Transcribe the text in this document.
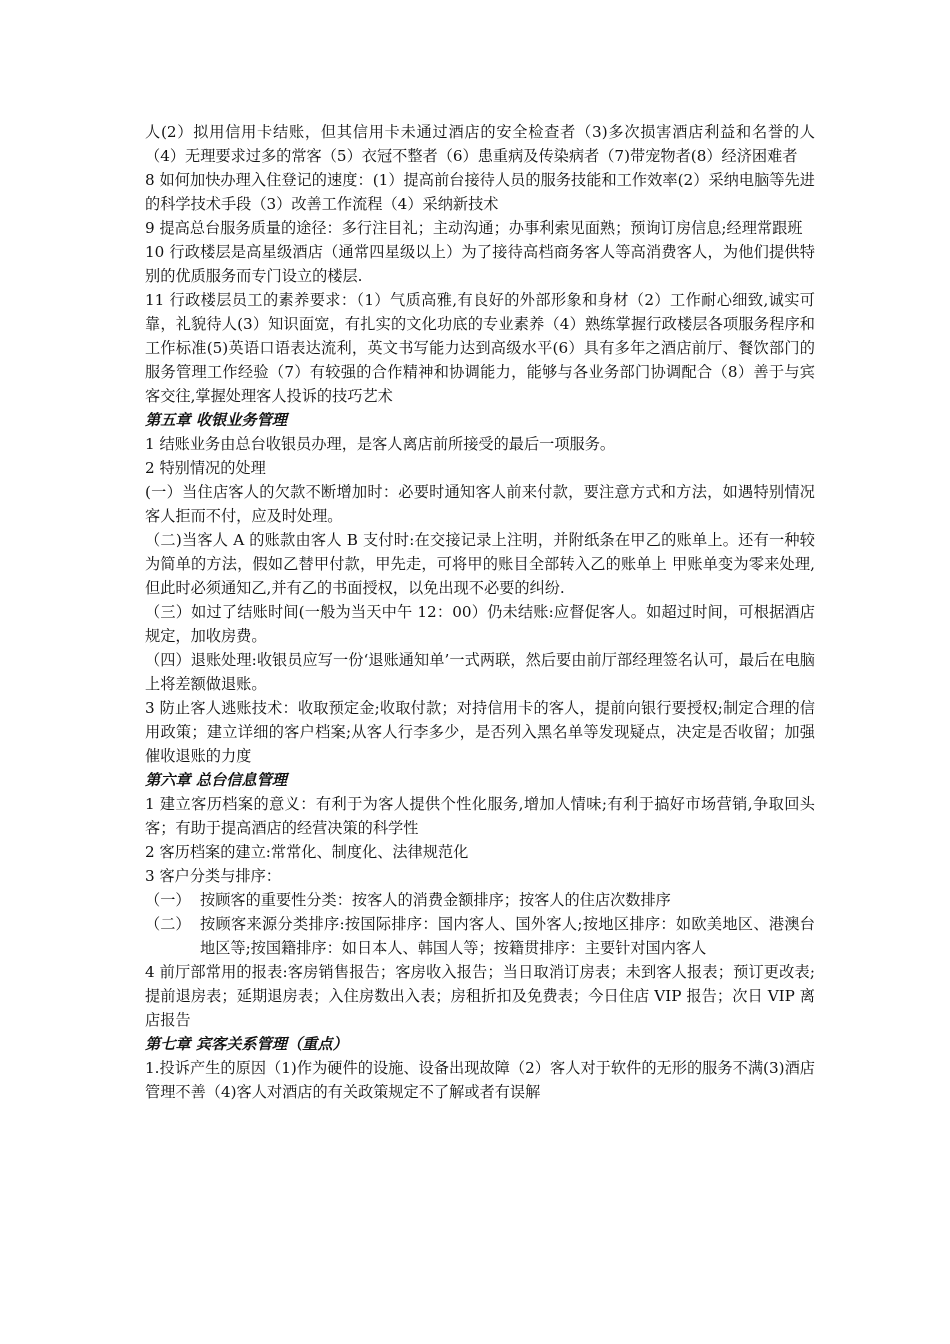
人(2）拟用信用卡结账，但其信用卡未通过酒店的安全检查者（3)多次损害酒店利益和名誉的人（4）无理要求过多的常客（5）衣冠不整者（6）患重病及传染病者（7)带宠物者(8）经济困难者

8 如何加快办理入住登记的速度：(1）提高前台接待人员的服务技能和工作效率(2）采纳电脑等先进的科学技术手段（3）改善工作流程（4）采纳新技术

9 提高总台服务质量的途径：多行注目礼；主动沟通；办事利索见面熟；预询订房信息;经理常跟班

10 行政楼层是高星级酒店（通常四星级以上）为了接待高档商务客人等高消费客人，为他们提供特别的优质服务而专门设立的楼层.

11 行政楼层员工的素养要求：（1）气质高雅,有良好的外部形象和身材（2）工作耐心细致,诚实可靠，礼貌待人(3）知识面宽，有扎实的文化功底的专业素养（4）熟练掌握行政楼层各项服务程序和工作标准(5)英语口语表达流利，英文书写能力达到高级水平(6）具有多年之酒店前厅、餐饮部门的服务管理工作经验（7）有较强的合作精神和协调能力，能够与各业务部门协调配合（8）善于与宾客交往,掌握处理客人投诉的技巧艺术

第五章 收银业务管理

1 结账业务由总台收银员办理，是客人离店前所接受的最后一项服务。

2 特别情况的处理

(一）当住店客人的欠款不断增加时：必要时通知客人前来付款，要注意方式和方法，如遇特别情况 客人拒而不付，应及时处理。

（二)当客人 A 的账款由客人 B 支付时:在交接记录上注明，并附纸条在甲乙的账单上。还有一种较为简单的方法，假如乙替甲付款，甲先走，可将甲的账目全部转入乙的账单上 甲账单变为零来处理,但此时必须通知乙,并有乙的书面授权，以免出现不必要的纠纷.

（三）如过了结账时间(一般为当天中午 12：00）仍未结账:应督促客人。如超过时间，可根据酒店规定，加收房费。

（四）退账处理:收银员应写一份‘退账通知单’一式两联，然后要由前厅部经理签名认可，最后在电脑上将差额做退账。

3 防止客人逃账技术：收取预定金;收取付款；对持信用卡的客人，提前向银行要授权;制定合理的信用政策；建立详细的客户档案;从客人行李多少，是否列入黑名单等发现疑点，决定是否收留；加强催收退账的力度

第六章 总台信息管理

1 建立客历档案的意义：有利于为客人提供个性化服务,增加人情味;有利于搞好市场营销,争取回头客；有助于提高酒店的经营决策的科学性

2 客历档案的建立:常常化、制度化、法律规范化

3 客户分类与排序：

（一） 按顾客的重要性分类：按客人的消费金额排序；按客人的住店次数排序
（二） 按顾客来源分类排序:按国际排序：国内客人、国外客人;按地区排序：如欧美地区、港澳台地区等;按国籍排序：如日本人、韩国人等；按籍贯排序：主要针对国内客人

4 前厅部常用的报表:客房销售报告；客房收入报告；当日取消订房表；未到客人报表；预订更改表;提前退房表；延期退房表；入住房数出入表；房租折扣及免费表；今日住店 VIP 报告；次日 VIP 离店报告

第七章 宾客关系管理（重点）

1.投诉产生的原因（1)作为硬件的设施、设备出现故障（2）客人对于软件的无形的服务不满(3)酒店管理不善（4)客人对酒店的有关政策规定不了解或者有误解
